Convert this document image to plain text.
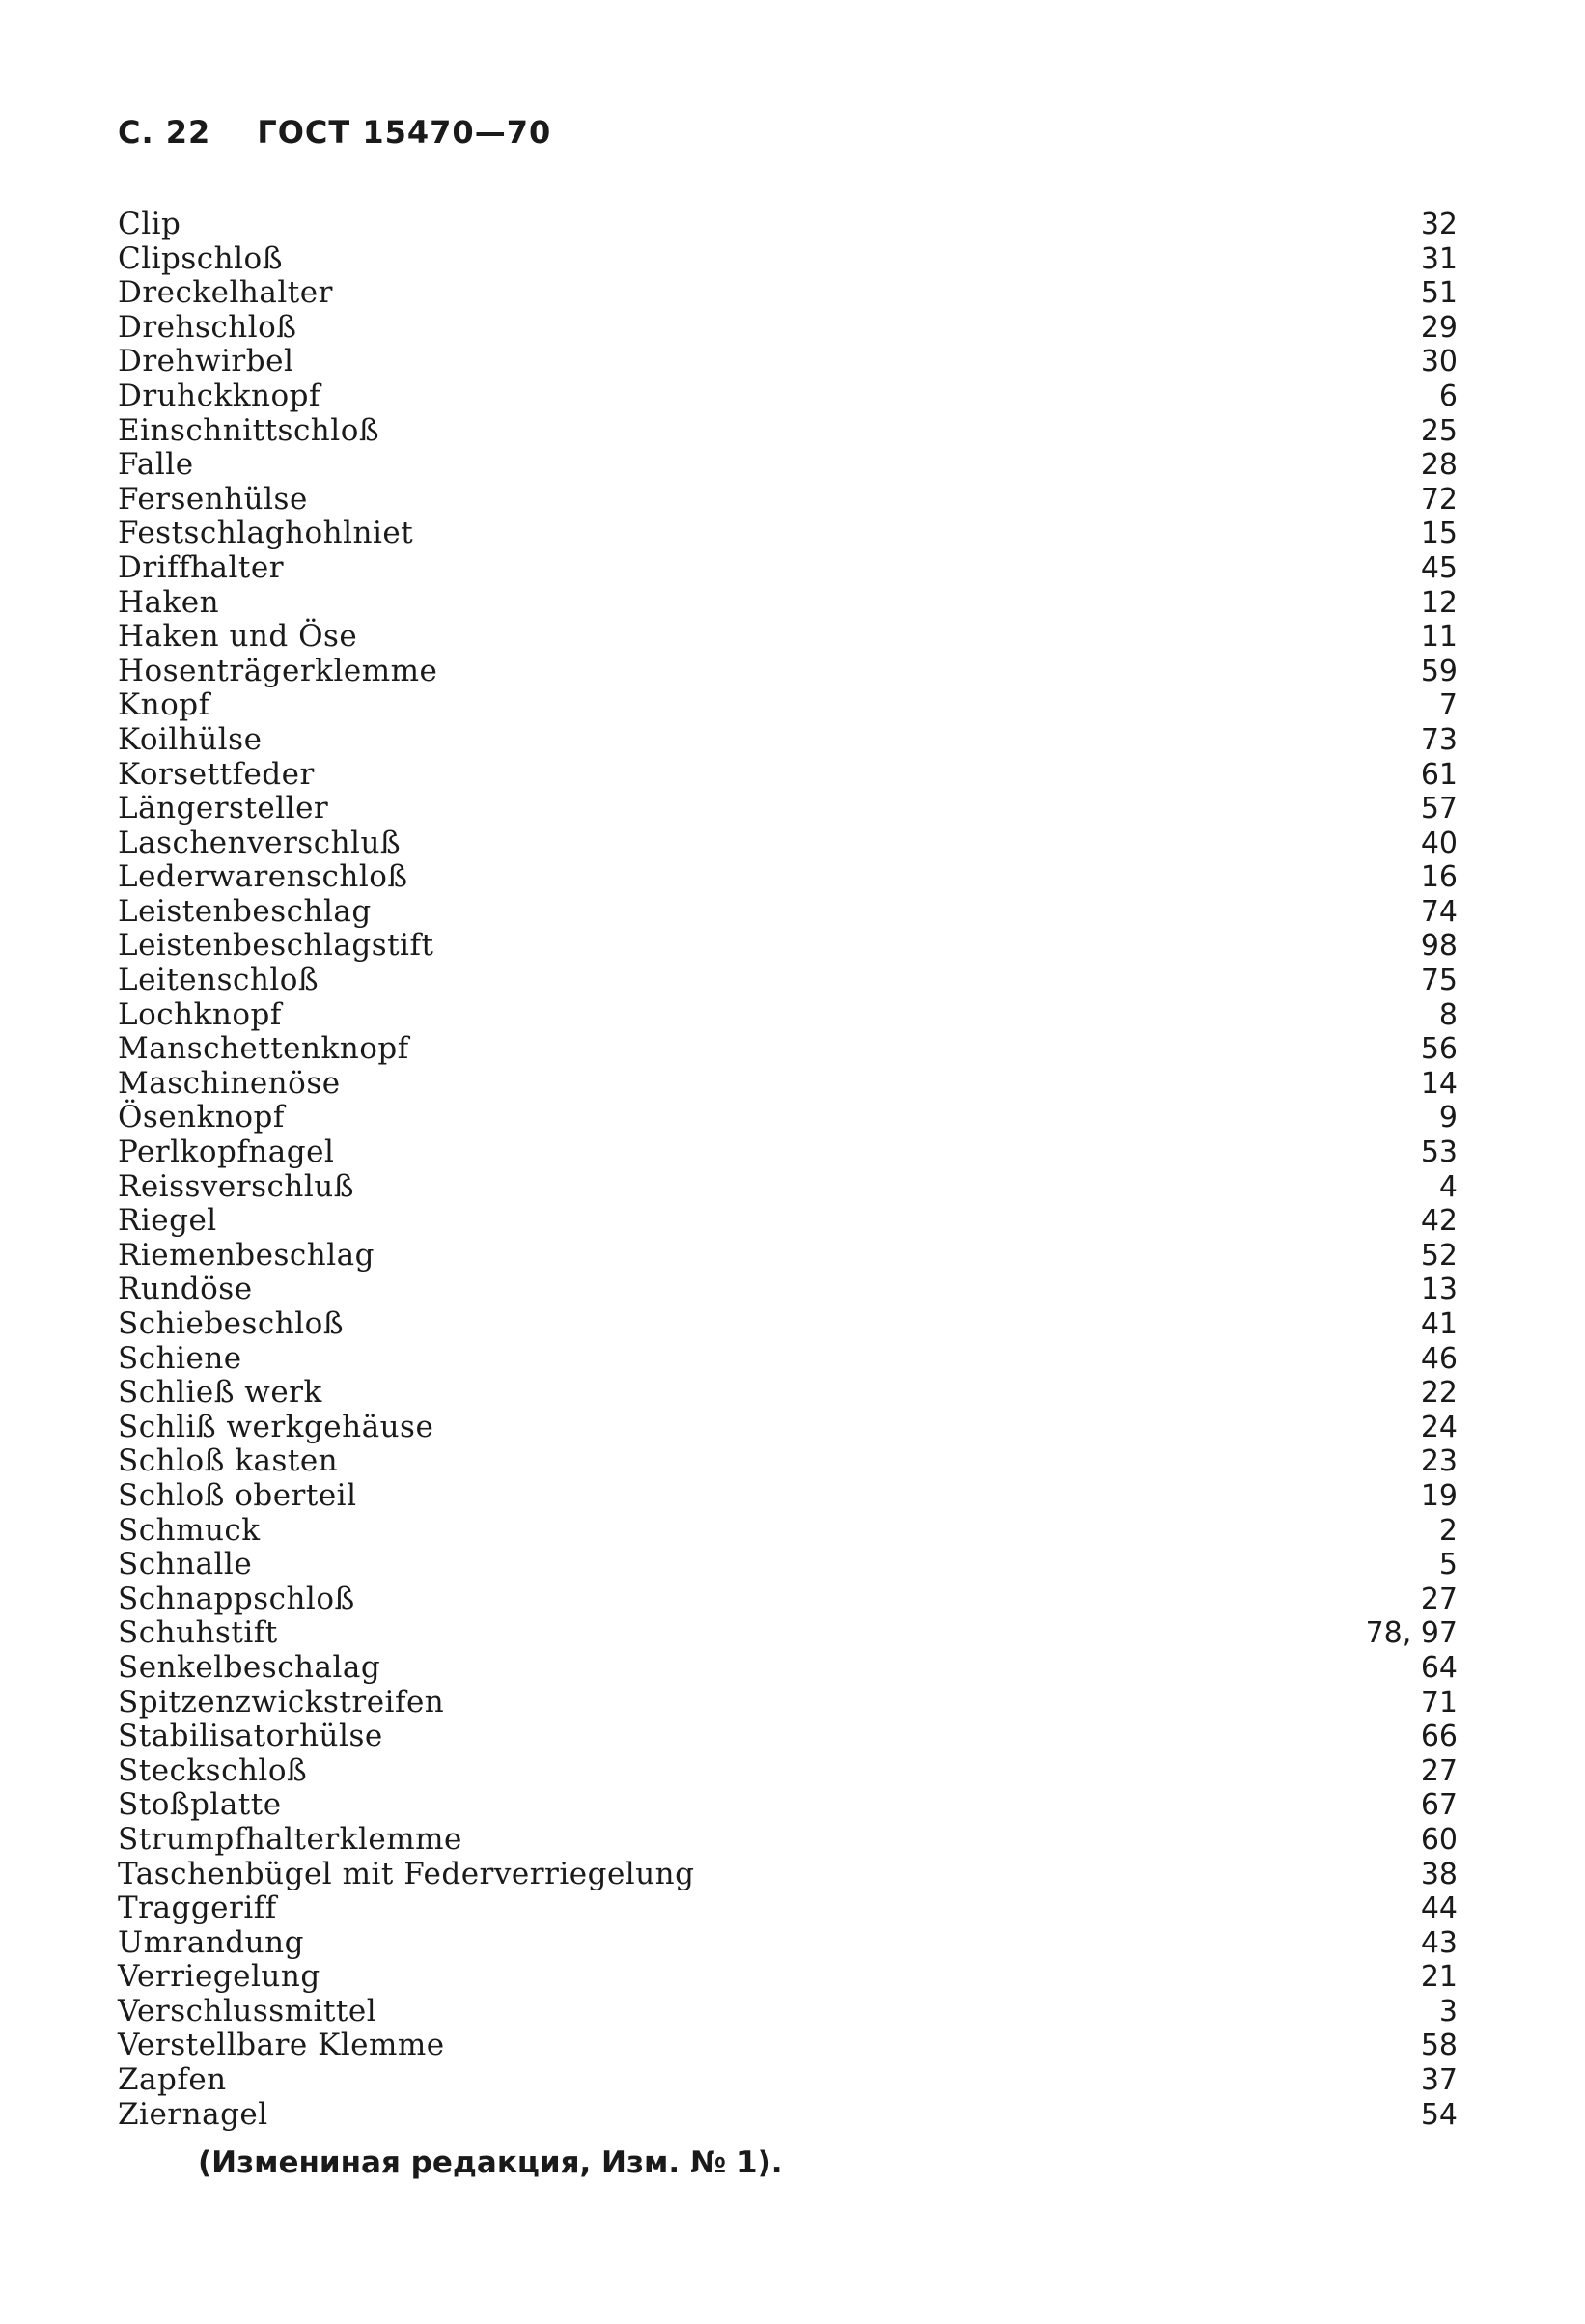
С. 22 ГОСТ 15470—70
Clip	32
Clipschloß	31
Dreckelhalter	51
Drehschloß	29
Drehwirbel	30
Druhckknopf	6
Einschnittschloß	25
Falle	28
Fersenhülse	72
Festschlaghohlniet	15
Driffhalter	45
Haken	12
Haken und Öse	11
Hosenträgerklemme	59
Knopf	7
Koilhülse	73
Korsettfeder	61
Längersteller	57
Laschenverschluß	40
Lederwarenschloß	16
Leistenbeschlag	74
Leistenbeschlagstift	98
Leitenschloß	75
Lochknopf	8
Manschettenknopf	56
Maschinenöse	14
Ösenknopf	9
Perlkopfnagel	53
Reissverschluß	4
Riegel	42
Riemenbeschlag	52
Rundöse	13
Schiebeschloß	41
Schiene	46
Schließ werk	22
Schliß werkgehäuse	24
Schloß kasten	23
Schloß oberteil	19
Schmuck	2
Schnalle	5
Schnappschloß	27
Schuhstift	78, 97
Senkelbeschalag	64
Spitzenzwickstreifen	71
Stabilisatorhülse	66
Steckschloß	27
Stoßplatte	67
Strumpfhalterklemme	60
Taschenbügel mit Federverriegelung	38
Traggeriff	44
Umrandung	43
Verriegelung	21
Verschlussmittel	3
Verstellbare Klemme	58
Zapfen	37
Ziernagel	54
(Измениная редакция, Изм. № 1).
